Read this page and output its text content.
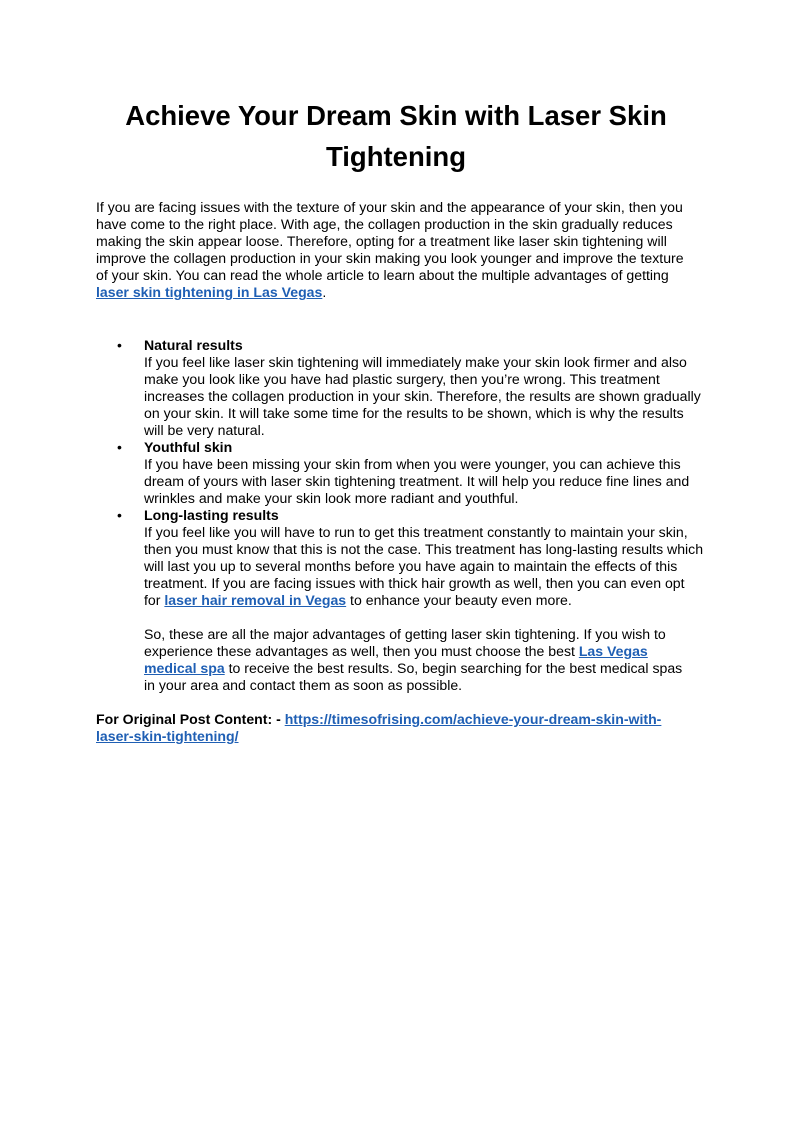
Achieve Your Dream Skin with Laser Skin Tightening

If you are facing issues with the texture of your skin and the appearance of your skin, then you have come to the right place. With age, the collagen production in the skin gradually reduces making the skin appear loose. Therefore, opting for a treatment like laser skin tightening will improve the collagen production in your skin making you look younger and improve the texture of your skin. You can read the whole article to learn about the multiple advantages of getting laser skin tightening in Las Vegas.

• Natural results
If you feel like laser skin tightening will immediately make your skin look firmer and also make you look like you have had plastic surgery, then you’re wrong. This treatment increases the collagen production in your skin. Therefore, the results are shown gradually on your skin. It will take some time for the results to be shown, which is why the results will be very natural.
• Youthful skin
If you have been missing your skin from when you were younger, you can achieve this dream of yours with laser skin tightening treatment. It will help you reduce fine lines and wrinkles and make your skin look more radiant and youthful.
• Long-lasting results
If you feel like you will have to run to get this treatment constantly to maintain your skin, then you must know that this is not the case. This treatment has long-lasting results which will last you up to several months before you have again to maintain the effects of this treatment. If you are facing issues with thick hair growth as well, then you can even opt for laser hair removal in Vegas to enhance your beauty even more.

So, these are all the major advantages of getting laser skin tightening. If you wish to experience these advantages as well, then you must choose the best Las Vegas medical spa to receive the best results. So, begin searching for the best medical spas in your area and contact them as soon as possible.

For Original Post Content: - https://timesofrising.com/achieve-your-dream-skin-with-laser-skin-tightening/
